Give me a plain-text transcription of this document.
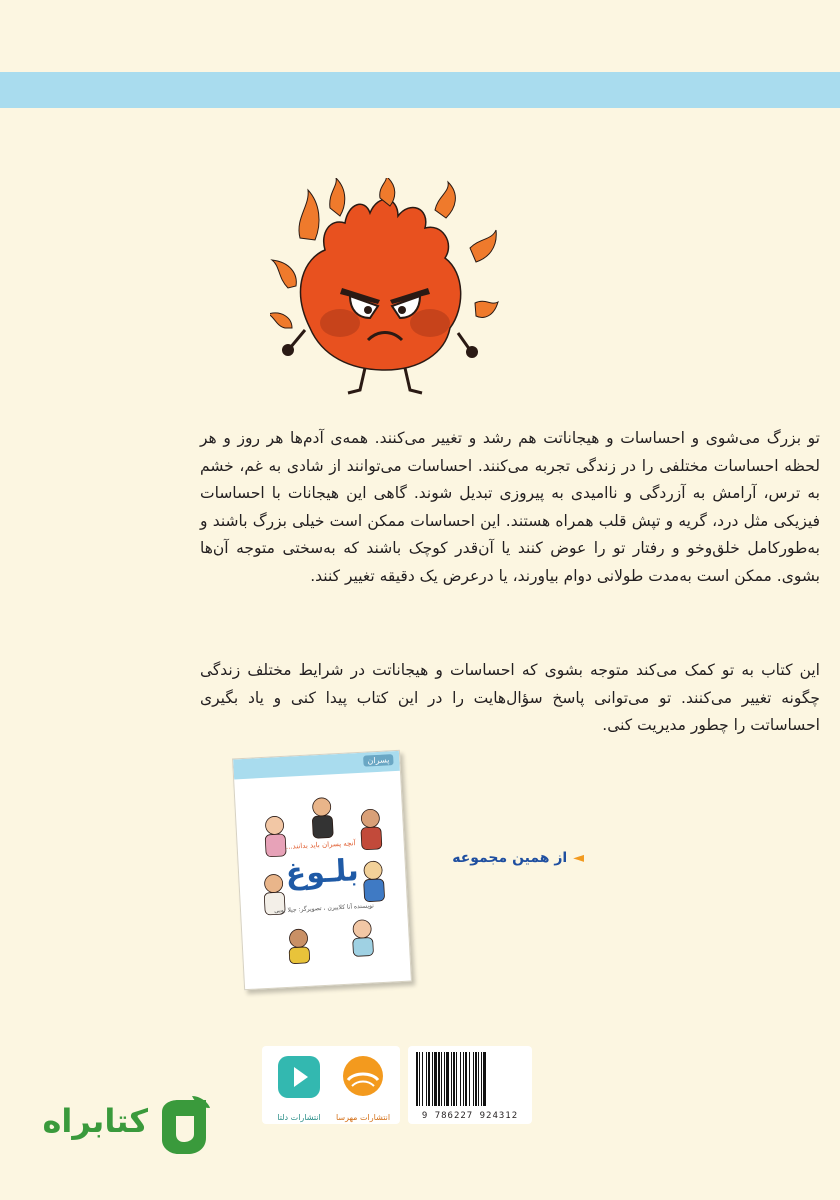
تو بزرگ می‌شوی و احساسات و هیجاناتت هم رشد و تغییر می‌کنند. همه‌ی آدم‌ها هر روز و هر لحظه احساسات مختلفی را در زندگی تجربه می‌کنند. احساسات می‌توانند از شادی به غم، خشم به ترس، آرامش به آزردگی و ناامیدی به پیروزی تبدیل شوند. گاهی این هیجانات با احساسات فیزیکی مثل درد، گریه و تپش قلب همراه هستند. این احساسات ممکن است خیلی بزرگ باشند و به‌طورکامل خلق‌وخو و رفتار تو را عوض کنند یا آن‌قدر کوچک باشند که به‌سختی متوجه آن‌ها بشوی. ممکن است به‌مدت طولانی دوام بیاورند، یا درعرض یک دقیقه تغییر کنند.

این کتاب به تو کمک می‌کند متوجه بشوی که احساسات و هیجاناتت در شرایط مختلف زندگی چگونه تغییر می‌کنند. تو می‌توانی پاسخ سؤال‌هایت را در این کتاب پیدا کنی و یاد بگیری احساساتت را چطور مدیریت کنی.

پسران
آنچه پسران باید بدانند...
بلـوغ
نویسنده آنا کلایبرن ، تصویرگر: جیلا بوبی
◄از همین مجموعه
انتشارات دلتا	انتشارات مهرسا	9 786227 924312
کتابراه
